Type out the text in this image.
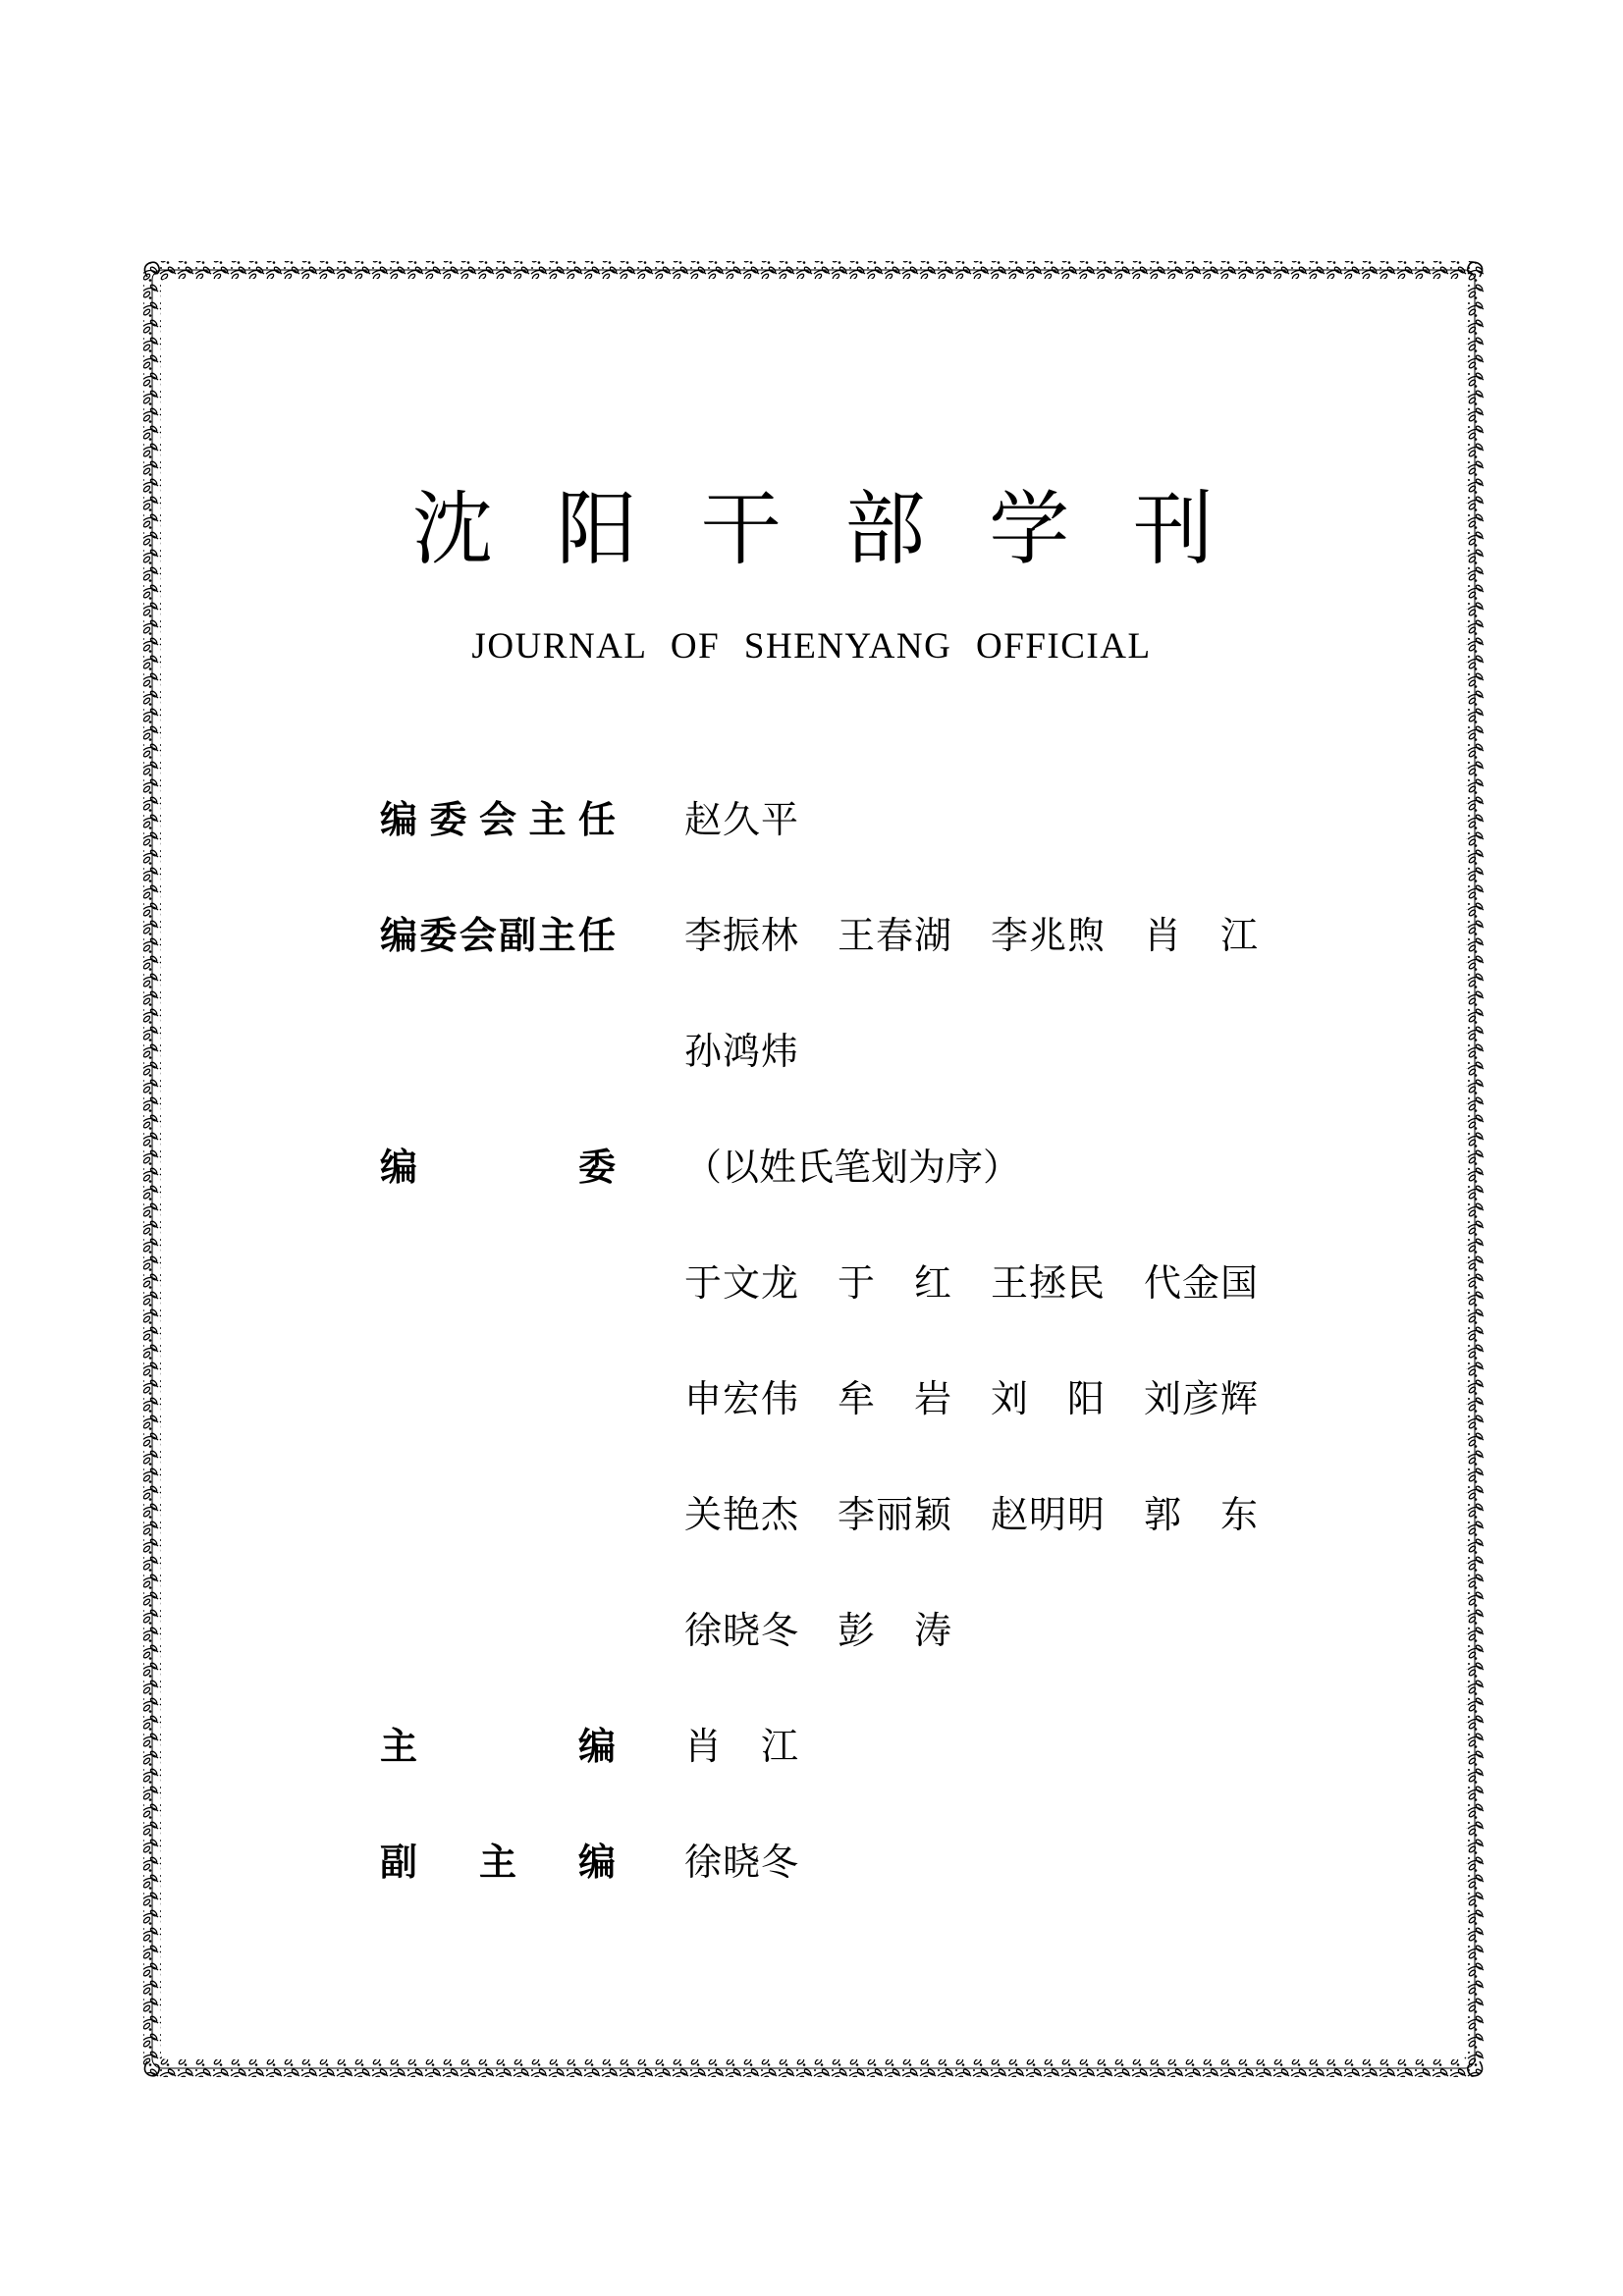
沈 阳 干 部 学 刊
JOURNAL OF SHENYANG OFFICIAL
编 委 会 主 任 赵 久 平
编 委 会 副 主 任 李 振 林 王 春 湖 李 兆 煦 肖 江
孙 鸿 炜
编	委 （以姓氏笔划为序）
于 文 龙 于 红 王 拯 民 代 金 国
申 宏 伟 牟 岩 刘 阳 刘 彦 辉
关 艳 杰 李 丽 颖 赵 明 明 郭 东
徐 晓 冬 彭 涛
主	编 肖 江
副 主 编 徐 晓 冬
